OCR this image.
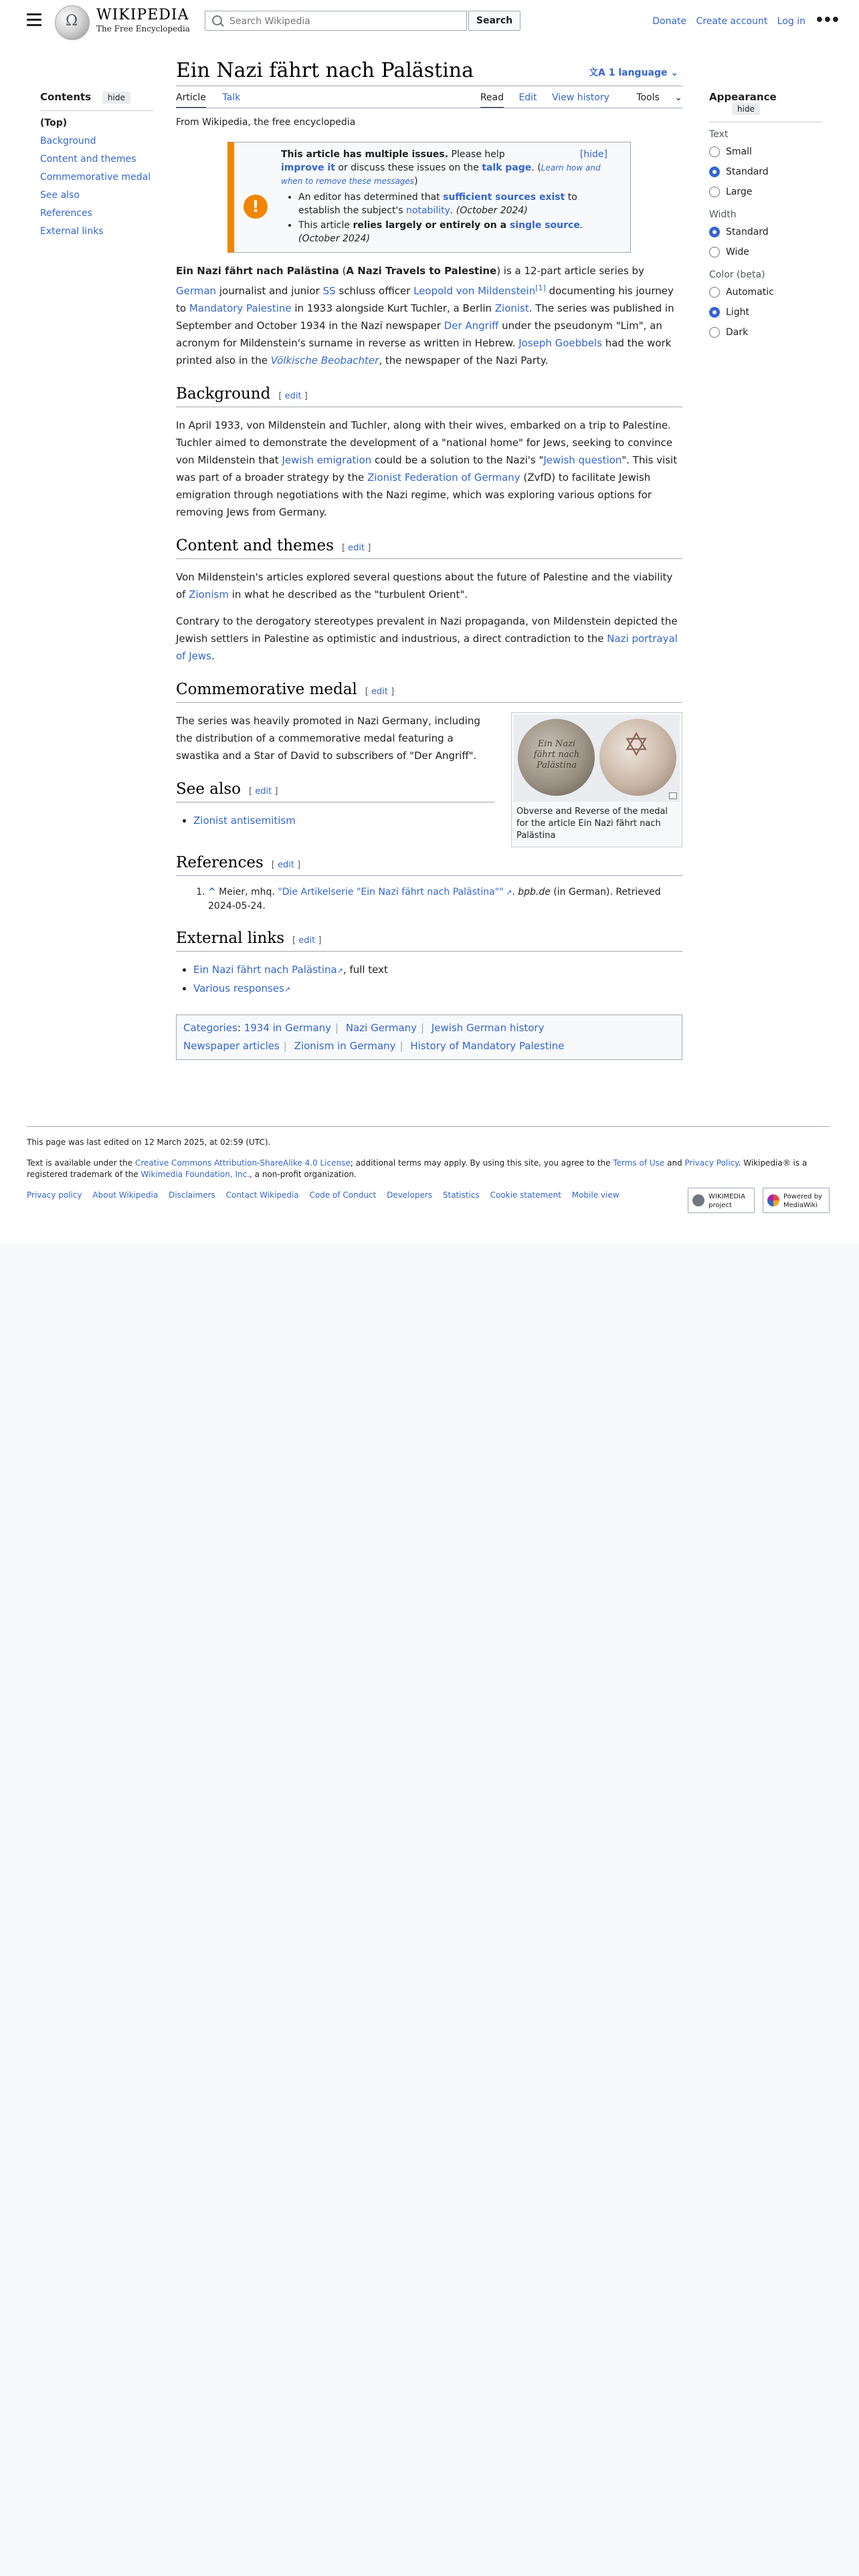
Ω
WIKIPEDIA
The Free Encyclopedia
Search Wikipedia
Search	Donate Create account Log in •••
Contents hide
(Top)
Background
Content and themes
Commemorative medal
See also
References
External links
Ein Nazi fährt nach Palästina	文A 1 language ⌄
Article Talk	Read Edit View history	Tools ⌄
From Wikipedia, the free encyclopedia
!
[hide]
This article has multiple issues. Please help
improve it or discuss these issues on the talk page. (Learn how and when to remove these messages)
• An editor has determined that sufficient sources exist to establish the subject's notability. (October 2024)
• This article relies largely or entirely on a single source. (October 2024)

Ein Nazi fährt nach Palästina (A Nazi Travels to Palestine) is a 12-part article series by German journalist and junior SS schluss officer Leopold von Mildenstein[1] documenting his journey to Mandatory Palestine in 1933 alongside Kurt Tuchler, a Berlin Zionist. The series was published in September and October 1934 in the Nazi newspaper Der Angriff under the pseudonym "Lim", an acronym for Mildenstein's surname in reverse as written in Hebrew. Joseph Goebbels had the work printed also in the Völkische Beobachter, the newspaper of the Nazi Party.

Background [ edit ]

In April 1933, von Mildenstein and Tuchler, along with their wives, embarked on a trip to Palestine. Tuchler aimed to demonstrate the development of a "national home" for Jews, seeking to convince von Mildenstein that Jewish emigration could be a solution to the Nazi's "Jewish question". This visit was part of a broader strategy by the Zionist Federation of Germany (ZvfD) to facilitate Jewish emigration through negotiations with the Nazi regime, which was exploring various options for removing Jews from Germany.

Content and themes [ edit ]

Von Mildenstein's articles explored several questions about the future of Palestine and the viability of Zionism in what he described as the "turbulent Orient".

Contrary to the derogatory stereotypes prevalent in Nazi propaganda, von Mildenstein depicted the Jewish settlers in Palestine as optimistic and industrious, a direct contradiction to the Nazi portrayal of Jews.

Commemorative medal [ edit ]
Ein Nazi fährt nach Palästina
✡
Obverse and Reverse of the medal for the article Ein Nazi fährt nach Palästina

The series was heavily promoted in Nazi Germany, including the distribution of a commemorative medal featuring a swastika and a Star of David to subscribers of "Der Angriff".

See also [ edit ]
• Zionist antisemitism
References [ edit ]
1. ^ Meier, mhq. "Die Artikelserie "Ein Nazi fährt nach Palästina"" ↗. bpb.de (in German). Retrieved 2024-05-24.
External links [ edit ]
• Ein Nazi fährt nach Palästina↗, full text
• Various responses↗
Categories: 1934 in Germany | Nazi Germany | Jewish German history
Newspaper articles | Zionism in Germany | History of Mandatory Palestine
Appearance hide
Text
Small
Standard
Large
Width
Standard
Wide
Color (beta)
Automatic
Light
Dark

This page was last edited on 12 March 2025, at 02:59 (UTC).

Text is available under the Creative Commons Attribution-ShareAlike 4.0 License; additional terms may apply. By using this site, you agree to the Terms of Use and Privacy Policy. Wikipedia® is a registered trademark of the Wikimedia Foundation, Inc., a non-profit organization.

Privacy policy About Wikipedia Disclaimers Contact Wikipedia Code of Conduct Developers Statistics Cookie statement Mobile view	WIKIMEDIA project
Powered by MediaWiki
